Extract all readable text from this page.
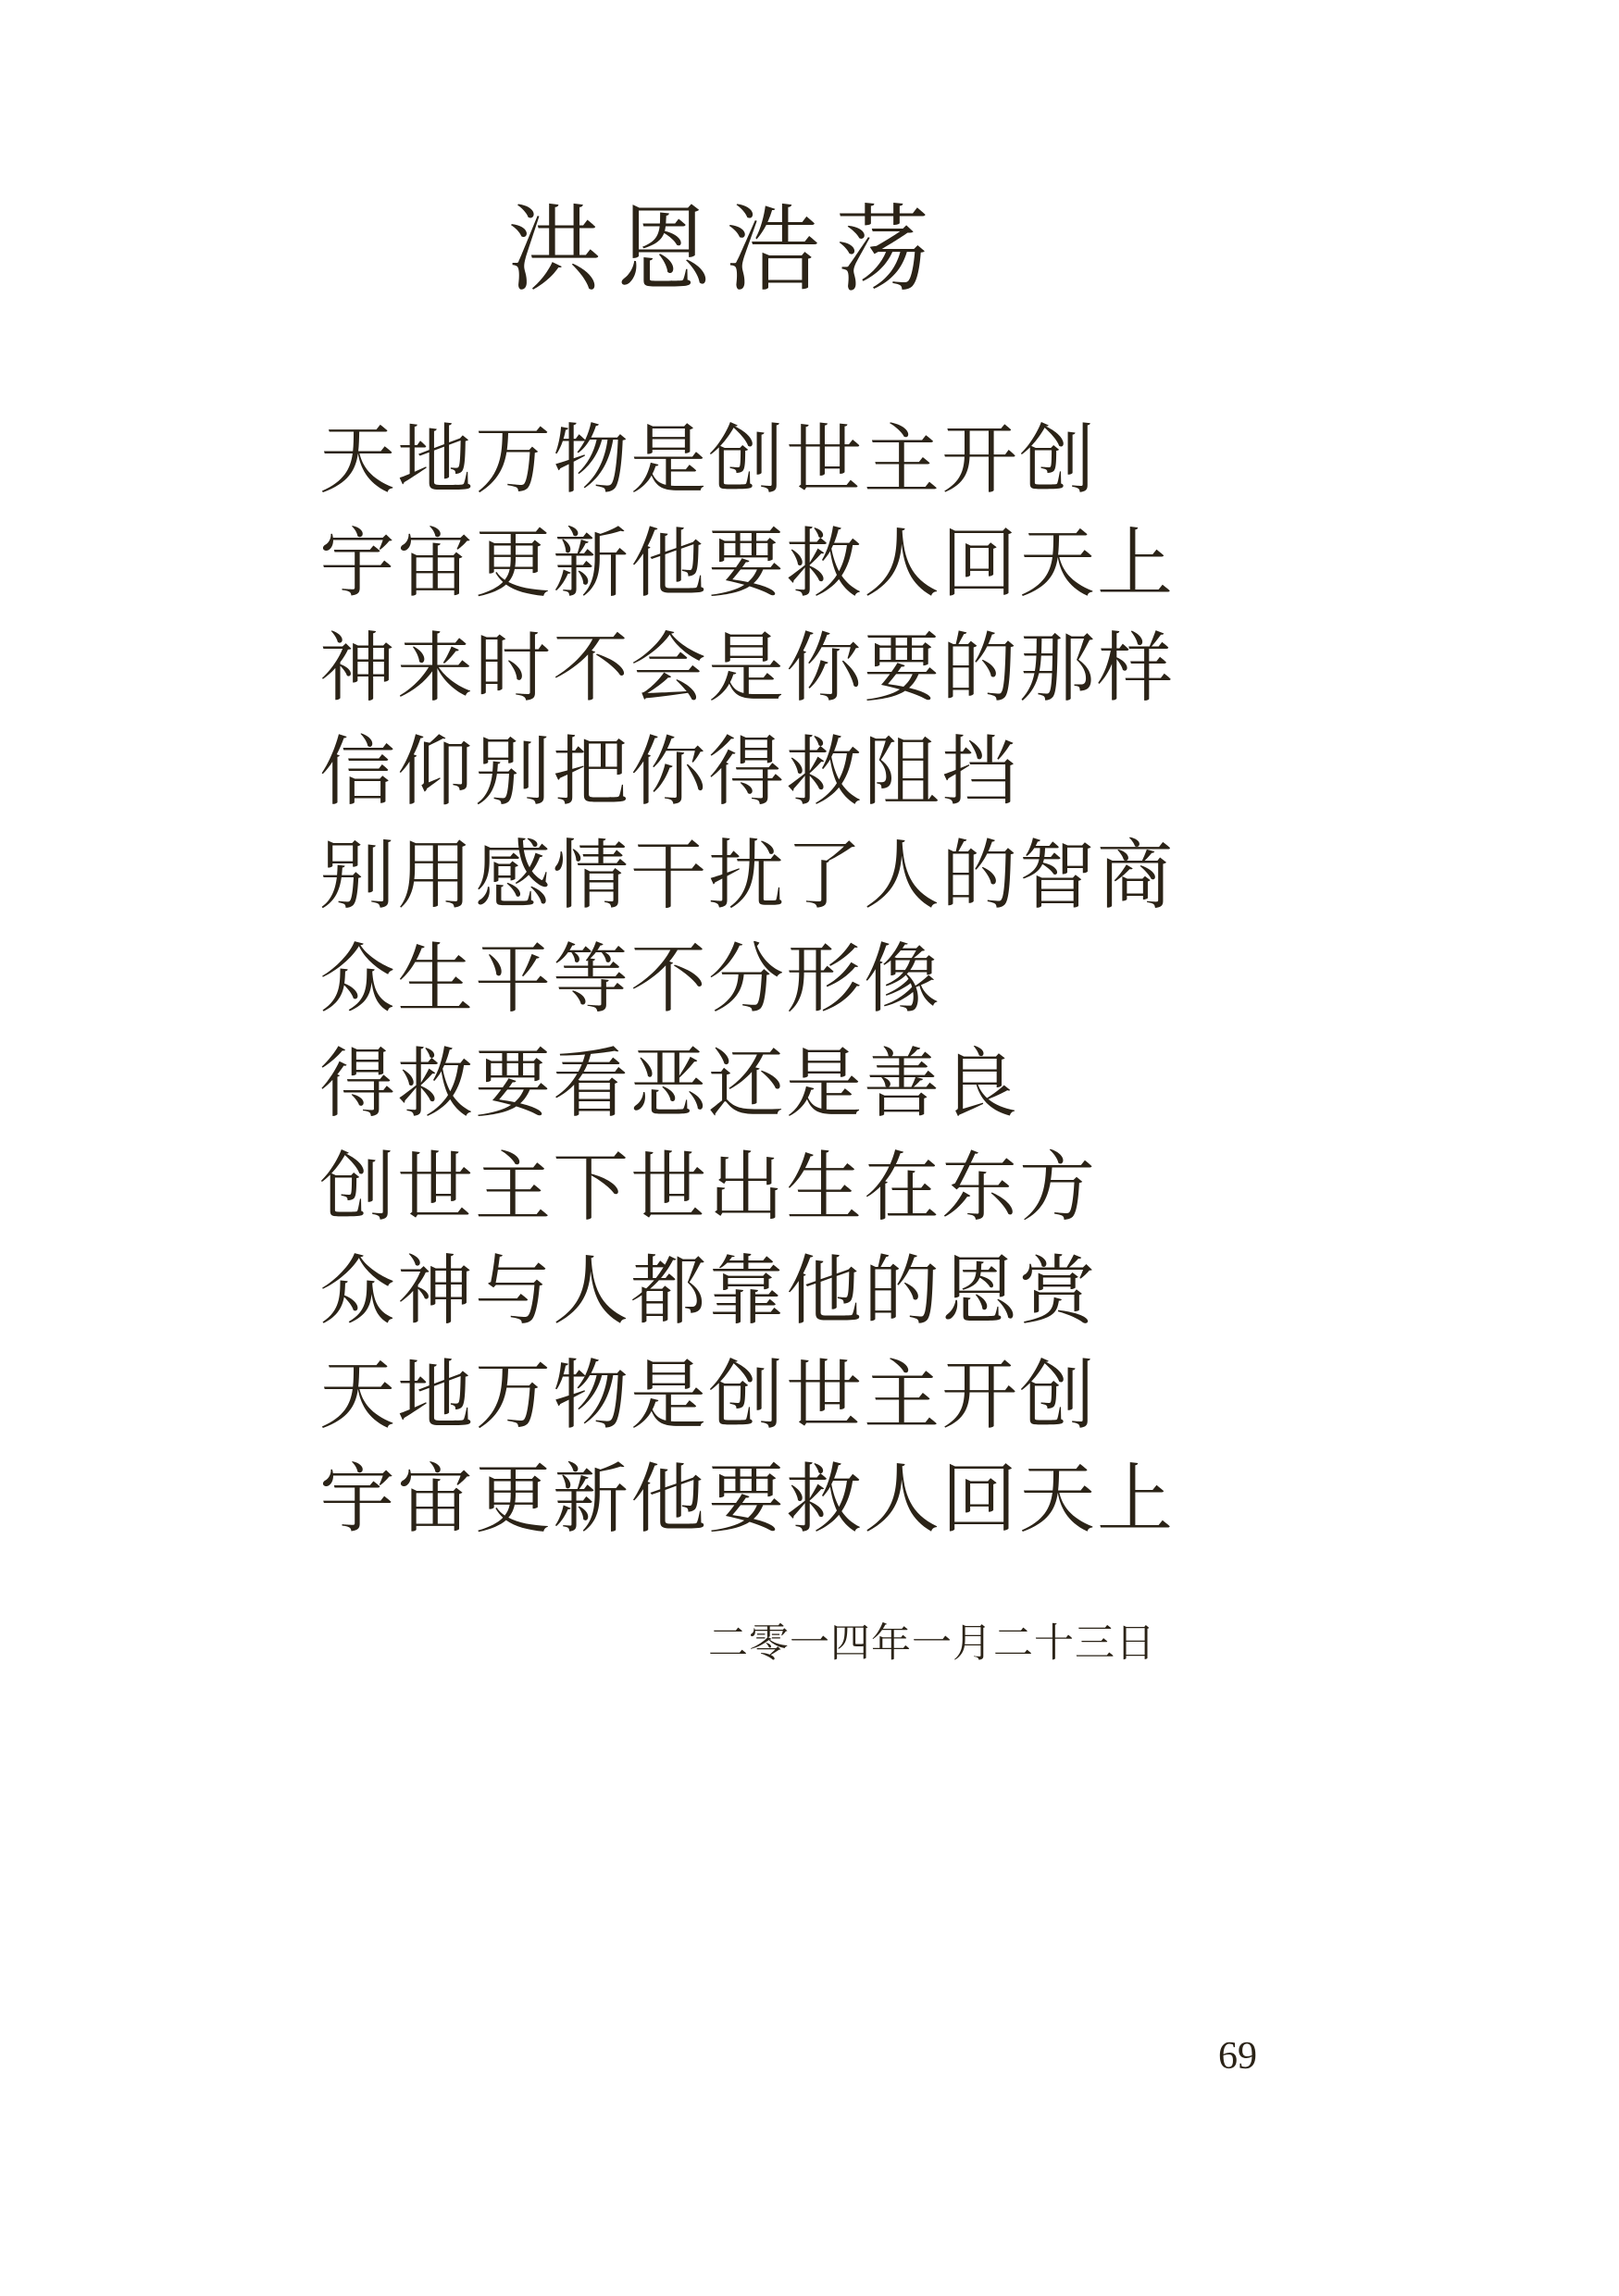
洪恩浩荡

天地万物是创世主开创

宇宙更新他要救人回天上

神来时不会是你要的那样

信仰别把你得救阻挡

别用感情干扰了人的智商

众生平等不分形像

得救要看恶还是善良

创世主下世出生在东方

众神与人都靠他的恩赏

天地万物是创世主开创

宇宙更新他要救人回天上

二零一四年一月二十三日
69
